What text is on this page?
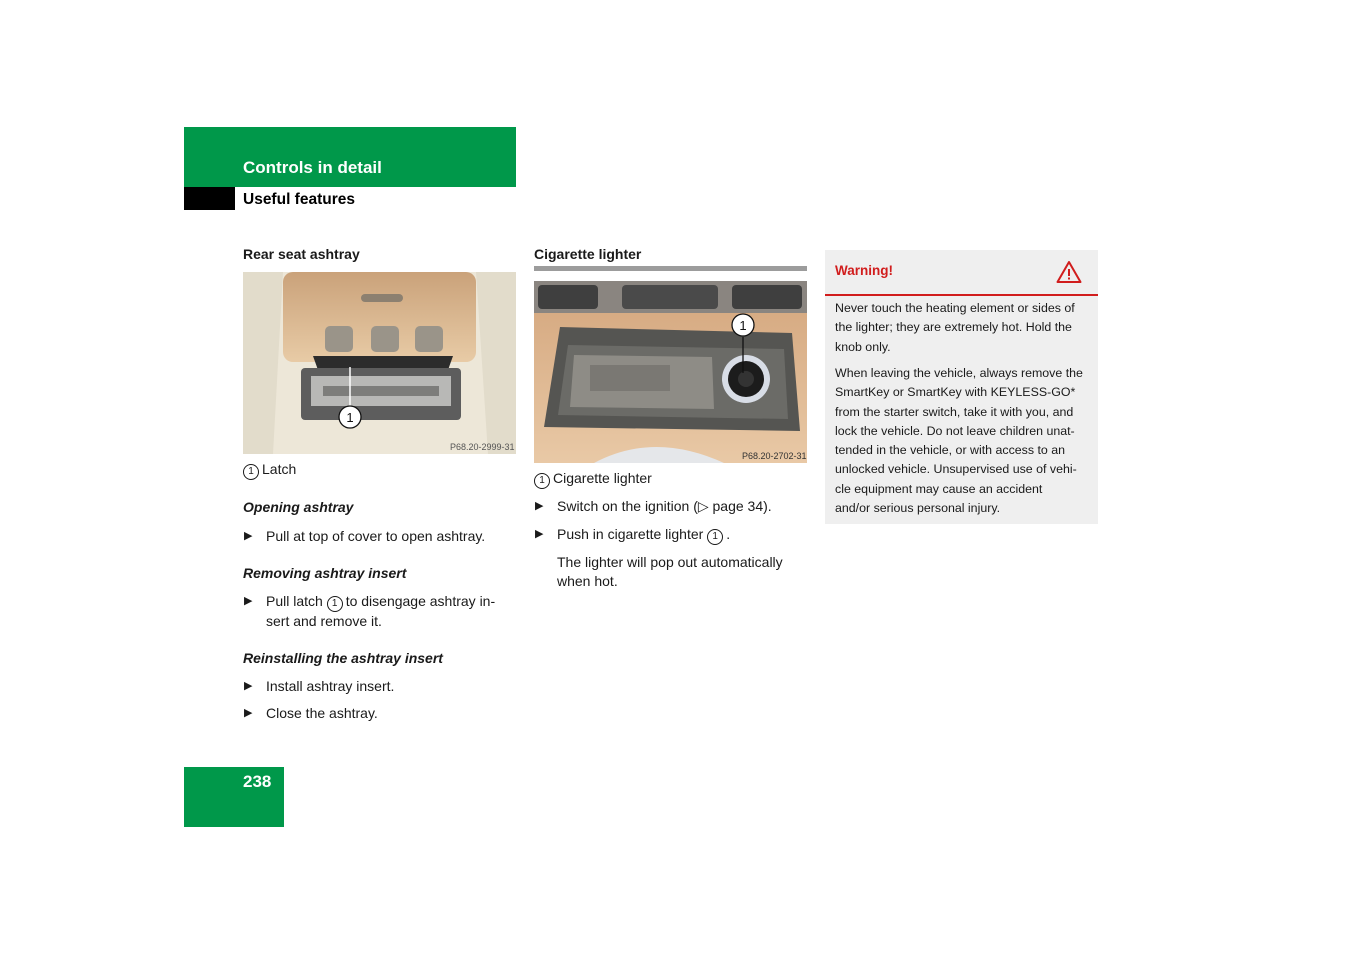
Controls in detail
Useful features

Rear seat ashtray

1
P68.20-2999-31

1 Latch

Opening ashtray

▶ Pull at top of cover to open ashtray.

Removing ashtray insert

▶ Pull latch 1 to disengage ashtray in-
sert and remove it.

Reinstalling the ashtray insert

▶ Install ashtray insert.

▶ Close the ashtray.

Cigarette lighter

1
P68.20-2702-31

1 Cigarette lighter

▶ Switch on the ignition (▷ page 34).

▶ Push in cigarette lighter 1 .

The lighter will pop out automatically
when hot.

Warning!

Never touch the heating element or sides of
the lighter; they are extremely hot. Hold the
knob only.

When leaving the vehicle, always remove the
SmartKey or SmartKey with KEYLESS-GO*
from the starter switch, take it with you, and
lock the vehicle. Do not leave children unat-
tended in the vehicle, or with access to an
unlocked vehicle. Unsupervised use of vehi-
cle equipment may cause an accident
and/or serious personal injury.

238
